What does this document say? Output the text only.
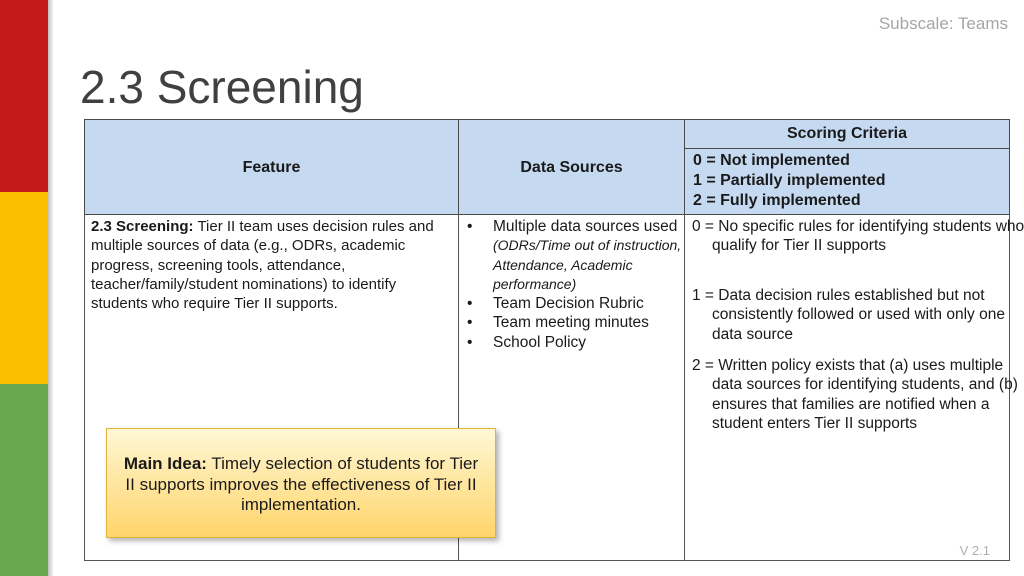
Subscale: Teams
2.3 Screening
Feature	Data Sources
Scoring Criteria
0 = Not implemented
1 = Partially implemented
2 = Fully implemented
2.3 Screening: Tier II team uses decision rules and multiple sources of data (e.g., ODRs, academic progress, screening tools, attendance, teacher/family/student nominations) to identify students who require Tier II supports.
• Multiple data sources used (ODRs/Time out of instruction, Attendance, Academic performance)
• Team Decision Rubric
• Team meeting minutes
• School Policy
0 = No specific rules for identifying students who qualify for Tier II supports
1 = Data decision rules established but not consistently followed or used with only one data source
2 = Written policy exists that (a) uses multiple data sources for identifying students, and (b) ensures that families are notified when a student enters Tier II supports
Main Idea: Timely selection of students for Tier II supports improves the effectiveness of Tier II implementation.
V 2.1
